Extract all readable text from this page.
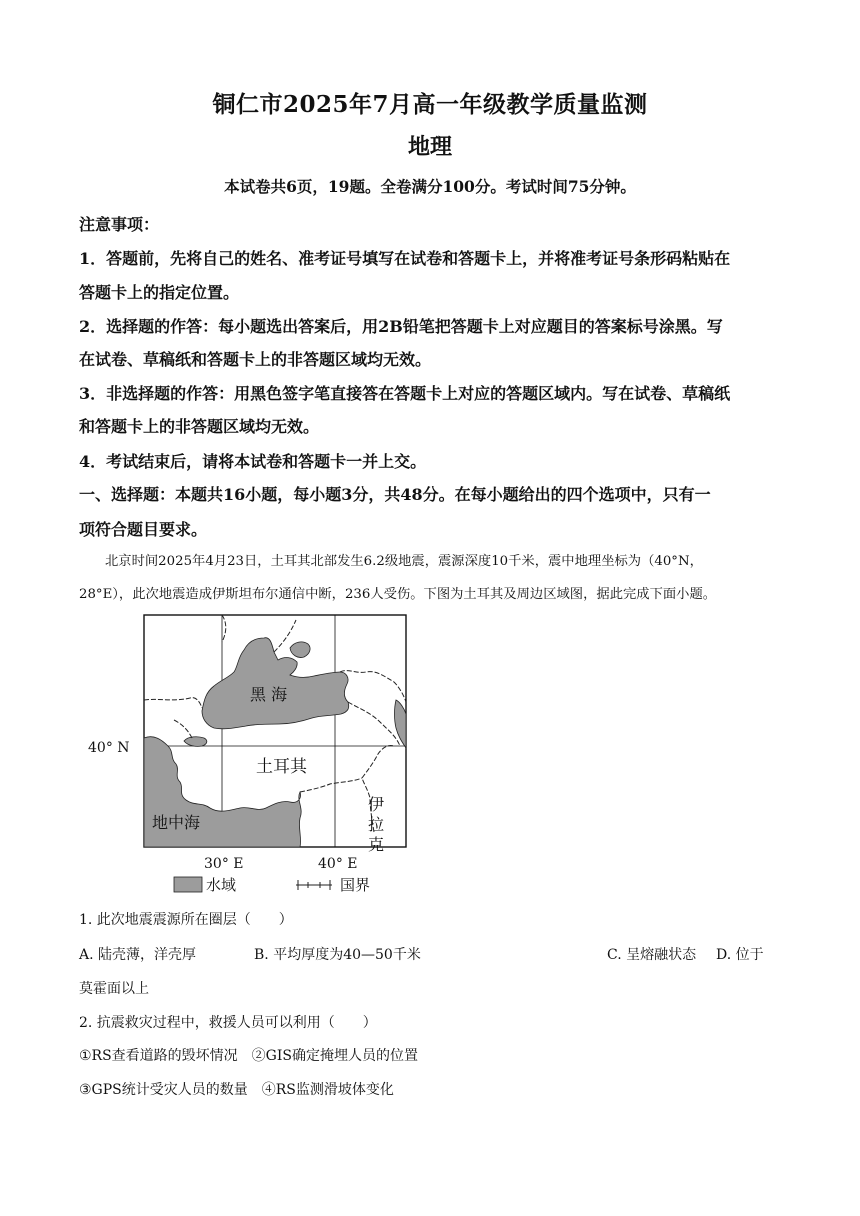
铜仁市2025年7月高一年级教学质量监测
地理
本试卷共6页，19题。全卷满分100分。考试时间75分钟。
注意事项：
1．答题前，先将自己的姓名、准考证号填写在试卷和答题卡上，并将准考证号条形码粘贴在
答题卡上的指定位置。
2．选择题的作答：每小题选出答案后，用2B铅笔把答题卡上对应题目的答案标号涂黑。写
在试卷、草稿纸和答题卡上的非答题区域均无效。
3．非选择题的作答：用黑色签字笔直接答在答题卡上对应的答题区域内。写在试卷、草稿纸
和答题卡上的非答题区域均无效。
4．考试结束后，请将本试卷和答题卡一并上交。
一、选择题：本题共16小题，每小题3分，共48分。在每小题给出的四个选项中，只有一
项符合题目要求。
北京时间2025年4月23日，土耳其北部发生6.2级地震，震源深度10千米，震中地理坐标为（40°N，
28°E），此次地震造成伊斯坦布尔通信中断，236人受伤。下图为土耳其及周边区域图，据此完成下面小题。
黑 海
土耳其
地中海
伊
拉
克
40° N
30° E	40° E
水域	国界
1. 此次地震震源所在圈层（　　）
A. 陆壳薄，洋壳厚	B. 平均厚度为40—50千米	C. 呈熔融状态 D. 位于
莫霍面以上
2. 抗震救灾过程中，救援人员可以利用（　　）
①RS查看道路的毁坏情况　②GIS确定掩埋人员的位置
③GPS统计受灾人员的数量　④RS监测滑坡体变化
